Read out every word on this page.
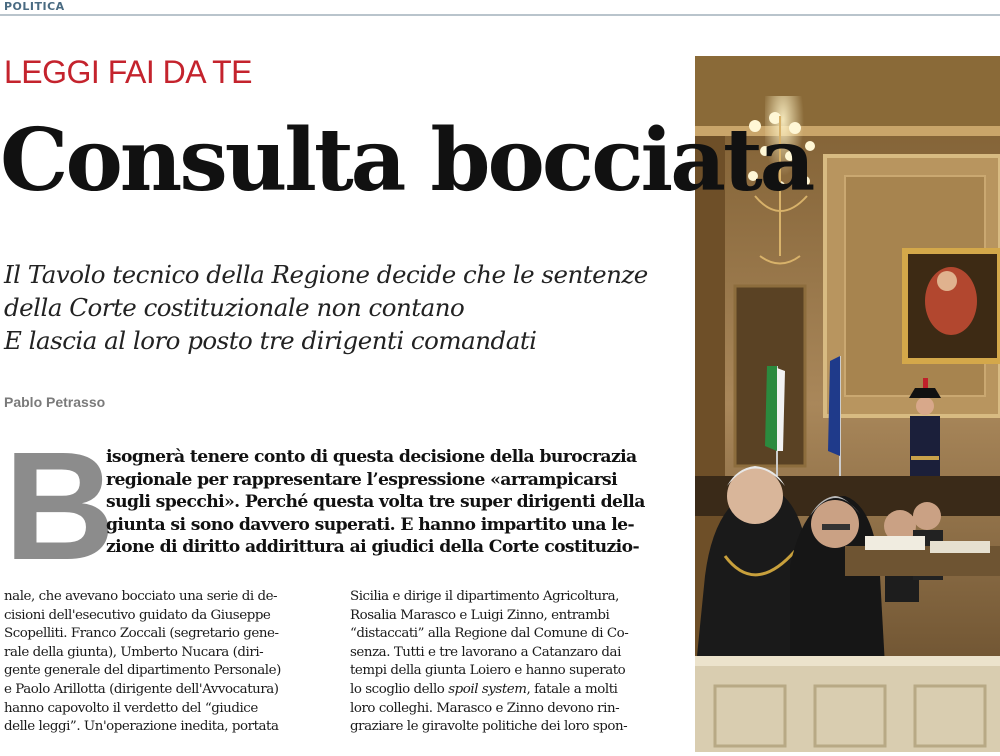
POLITICA
LEGGI FAI DA TE
Consulta bocciata
Il Tavolo tecnico della Regione decide che le sentenze
della Corte costituzionale non contano
E lascia al loro posto tre dirigenti comandati
Pablo Petrasso
B
isognerà tenere conto di questa decisione della burocrazia
regionale per rappresentare l’espressione «arrampicarsi
sugli specchi». Perché questa volta tre super dirigenti della
giunta si sono davvero superati. E hanno impartito una le-
zione di diritto addirittura ai giudici della Corte costituzio-
nale, che avevano bocciato una serie di de-
cisioni dell'esecutivo guidato da Giuseppe
Scopelliti. Franco Zoccali (segretario gene-
rale della giunta), Umberto Nucara (diri-
gente generale del dipartimento Personale)
e Paolo Arillotta (dirigente dell'Avvocatura)
hanno capovolto il verdetto del “giudice
delle leggi”. Un'operazione inedita, portata
Sicilia e dirige il dipartimento Agricoltura,
Rosalia Marasco e Luigi Zinno, entrambi
“distaccati” alla Regione dal Comune di Co-
senza. Tutti e tre lavorano a Catanzaro dai
tempi della giunta Loiero e hanno superato
lo scoglio dello spoil system, fatale a molti
loro colleghi. Marasco e Zinno devono rin-
graziare le giravolte politiche dei loro spon-
